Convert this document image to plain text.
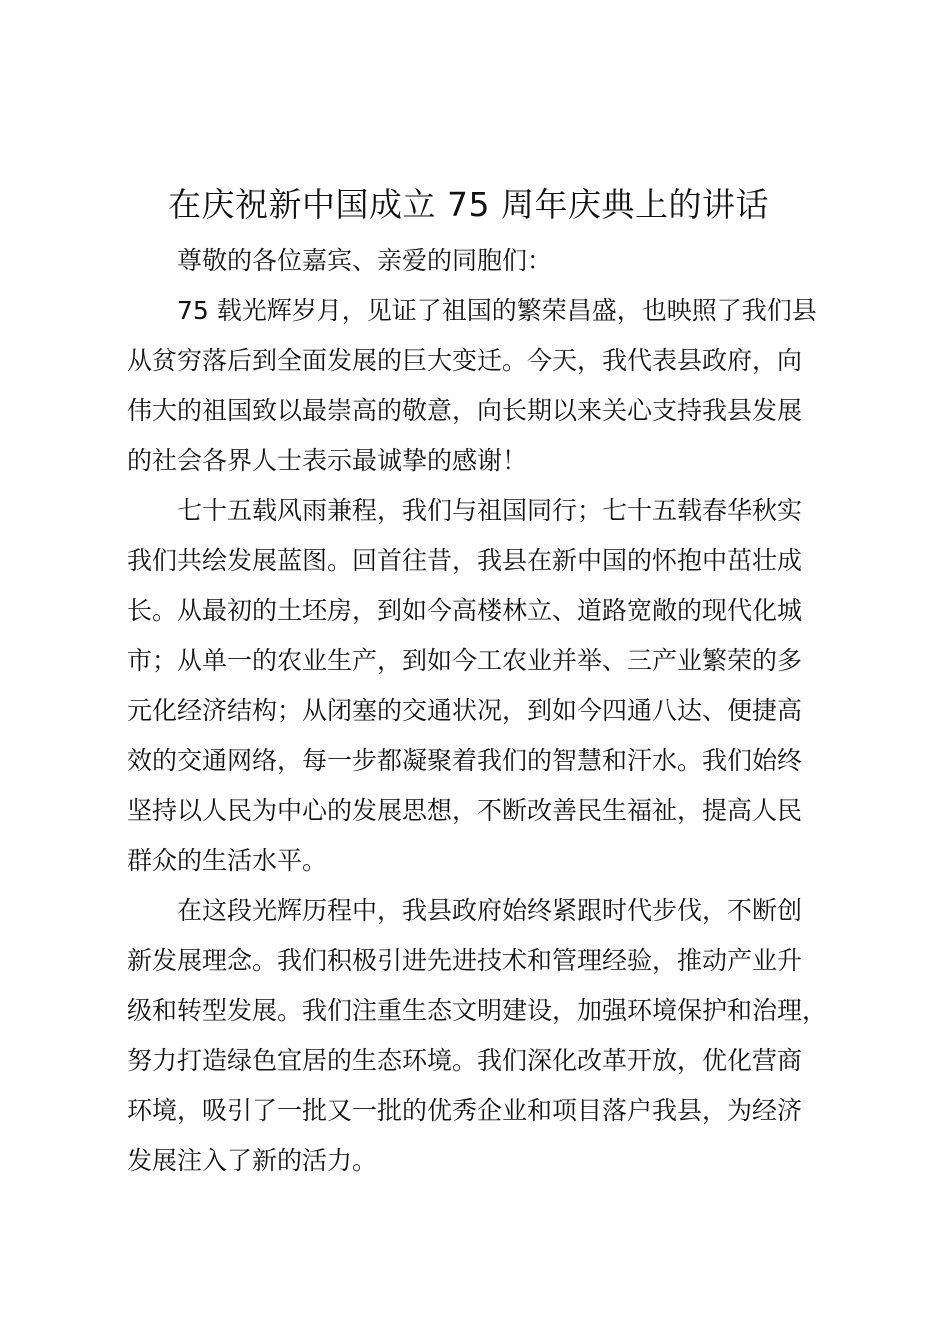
在庆祝新中国成立 75 周年庆典上的讲话

尊敬的各位嘉宾、亲爱的同胞们：

75 载光辉岁月，见证了祖国的繁荣昌盛，也映照了我们县
从贫穷落后到全面发展的巨大变迁。今天，我代表县政府，向
伟大的祖国致以最崇高的敬意，向长期以来关心支持我县发展
的社会各界人士表示最诚挚的感谢！

七十五载风雨兼程，我们与祖国同行；七十五载春华秋实
我们共绘发展蓝图。回首往昔，我县在新中国的怀抱中茁壮成
长。从最初的土坯房，到如今高楼林立、道路宽敞的现代化城
市；从单一的农业生产，到如今工农业并举、三产业繁荣的多
元化经济结构；从闭塞的交通状况，到如今四通八达、便捷高
效的交通网络，每一步都凝聚着我们的智慧和汗水。我们始终
坚持以人民为中心的发展思想，不断改善民生福祉，提高人民
群众的生活水平。

在这段光辉历程中，我县政府始终紧跟时代步伐，不断创
新发展理念。我们积极引进先进技术和管理经验，推动产业升
级和转型发展。我们注重生态文明建设，加强环境保护和治理，
努力打造绿色宜居的生态环境。我们深化改革开放，优化营商
环境，吸引了一批又一批的优秀企业和项目落户我县，为经济
发展注入了新的活力。
